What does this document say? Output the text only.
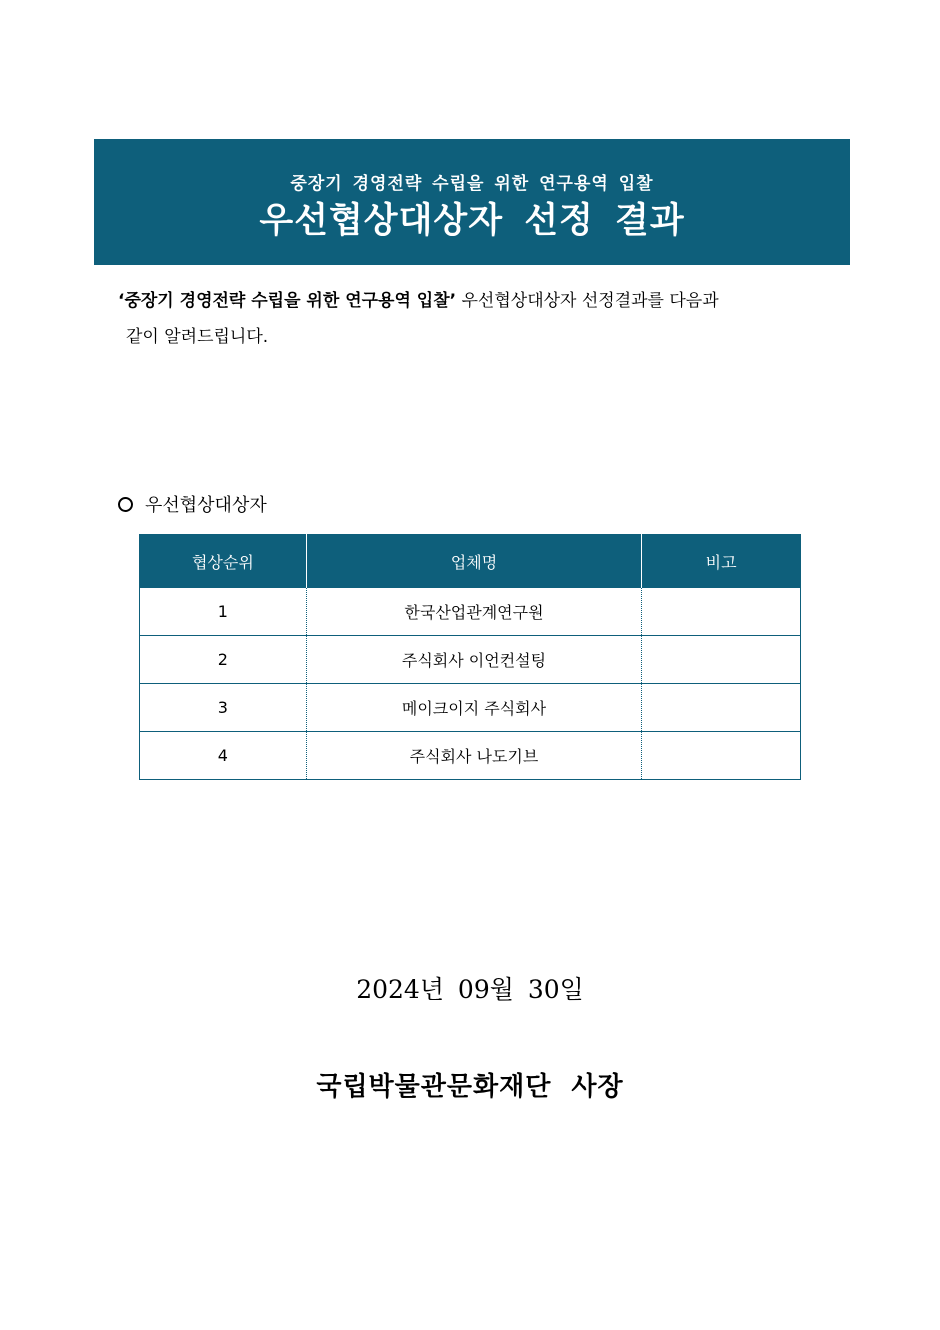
중장기 경영전략 수립을 위한 연구용역 입찰
우선협상대상자 선정 결과
‘중장기 경영전략 수립을 위한 연구용역 입찰’ 우선협상대상자 선정결과를 다음과
같이 알려드립니다.
우선협상대상자
협상순위	업체명	비고
1	한국산업관계연구원	
2	주식회사 이언컨설팅	
3	메이크이지 주식회사	
4	주식회사 나도기브	
2024년 09월 30일
국립박물관문화재단 사장
